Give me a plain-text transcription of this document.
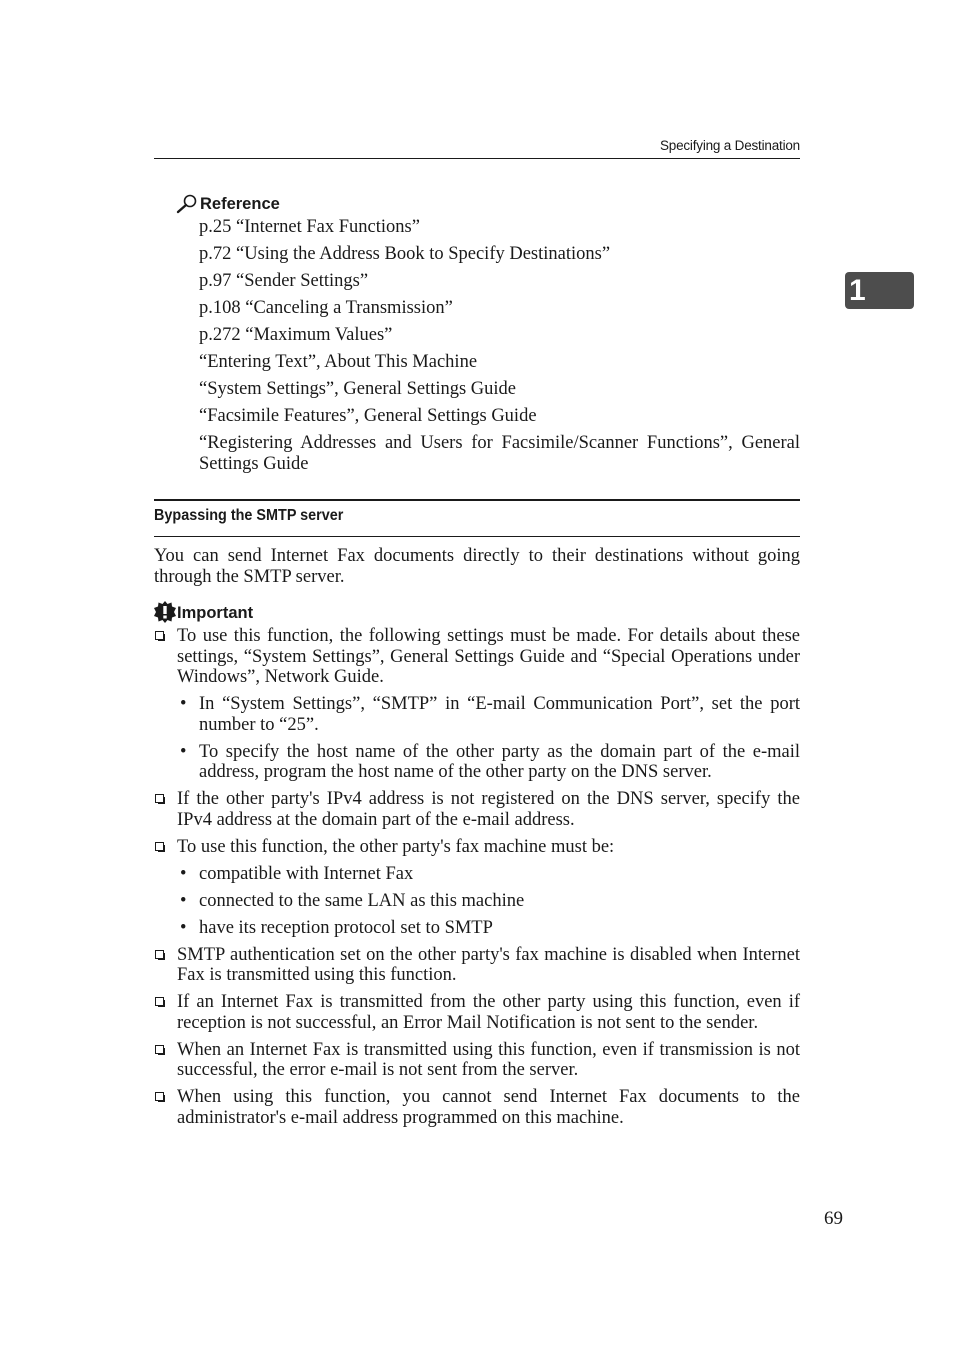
Specifying a Destination
1
Reference
p.25 “Internet Fax Functions”
p.72 “Using the Address Book to Specify Destinations”
p.97 “Sender Settings”
p.108 “Canceling a Transmission”
p.272 “Maximum Values”
“Entering Text”, About This Machine
“System Settings”, General Settings Guide
“Facsimile Features”, General Settings Guide
“Registering Addresses and Users for Facsimile/Scanner Functions”, General Settings Guide
Bypassing the SMTP server

You can send Internet Fax documents directly to their destinations without going through the SMTP server.

Important
To use this function, the following settings must be made. For details about these settings, “System Settings”, General Settings Guide and “Special Operations under Windows”, Network Guide.
• In “System Settings”, “SMTP” in “E-mail Communication Port”, set the port number to “25”.
• To specify the host name of the other party as the domain part of the e-mail address, program the host name of the other party on the DNS server.
If the other party's IPv4 address is not registered on the DNS server, specify the IPv4 address at the domain part of the e-mail address.
To use this function, the other party's fax machine must be:
• compatible with Internet Fax
• connected to the same LAN as this machine
• have its reception protocol set to SMTP
SMTP authentication set on the other party's fax machine is disabled when Internet Fax is transmitted using this function.
If an Internet Fax is transmitted from the other party using this function, even if reception is not successful, an Error Mail Notification is not sent to the sender.
When an Internet Fax is transmitted using this function, even if transmission is not successful, the error e-mail is not sent from the server.
When using this function, you cannot send Internet Fax documents to the administrator's e-mail address programmed on this machine.
69
